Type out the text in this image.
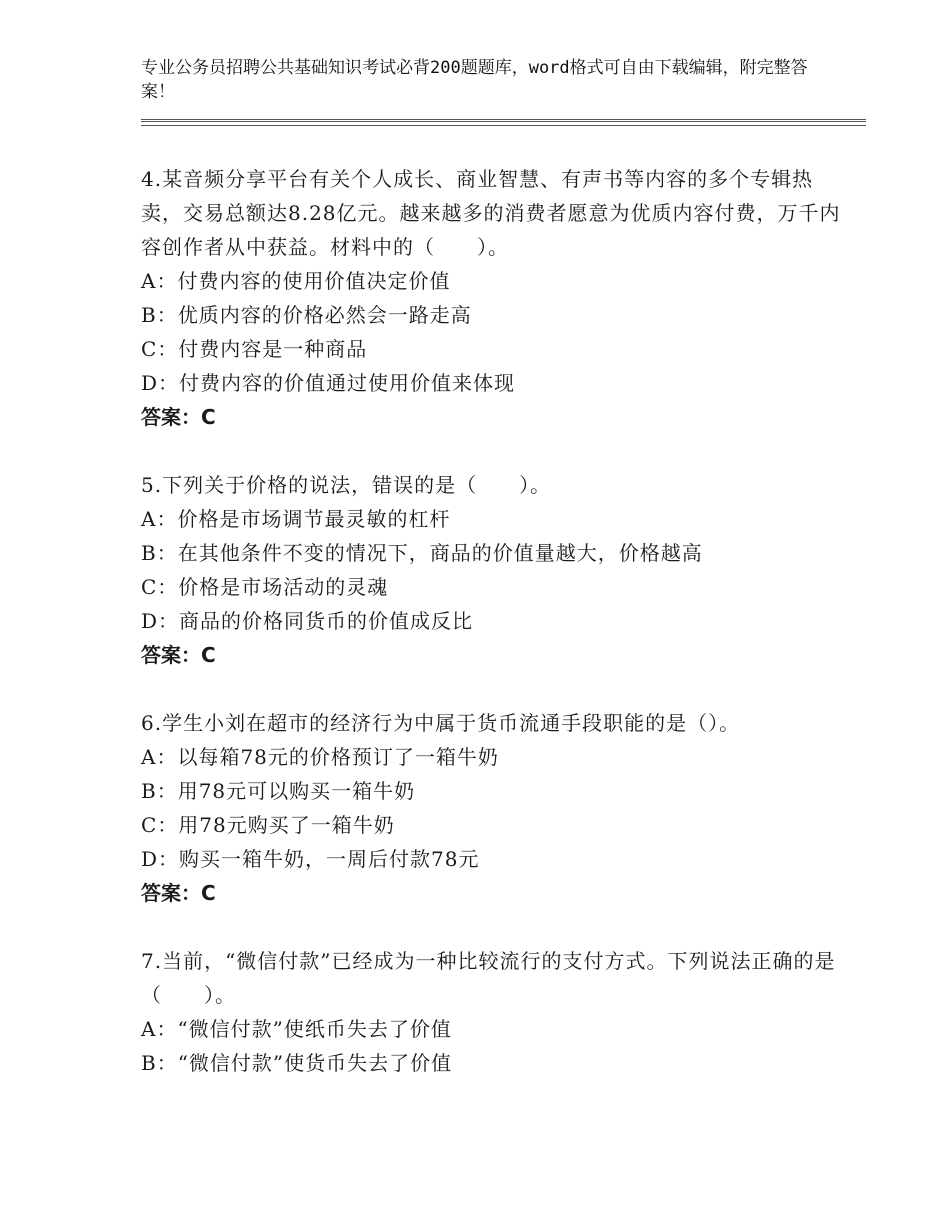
专业公务员招聘公共基础知识考试必背200题题库，word格式可自由下载编辑，附完整答案！

4.某音频分享平台有关个人成长、商业智慧、有声书等内容的多个专辑热卖，交易总额达8.28亿元。越来越多的消费者愿意为优质内容付费，万千内容创作者从中获益。材料中的（　　）。

A：付费内容的使用价值决定价值

B：优质内容的价格必然会一路走高

C：付费内容是一种商品

D：付费内容的价值通过使用价值来体现

答案：C

5.下列关于价格的说法，错误的是（　　）。

A：价格是市场调节最灵敏的杠杆

B：在其他条件不变的情况下，商品的价值量越大，价格越高

C：价格是市场活动的灵魂

D：商品的价格同货币的价值成反比

答案：C

6.学生小刘在超市的经济行为中属于货币流通手段职能的是（）。

A：以每箱78元的价格预订了一箱牛奶

B：用78元可以购买一箱牛奶

C：用78元购买了一箱牛奶

D：购买一箱牛奶，一周后付款78元

答案：C

7.当前，“微信付款”已经成为一种比较流行的支付方式。下列说法正确的是（　　）。

A：“微信付款”使纸币失去了价值

B：“微信付款”使货币失去了价值
